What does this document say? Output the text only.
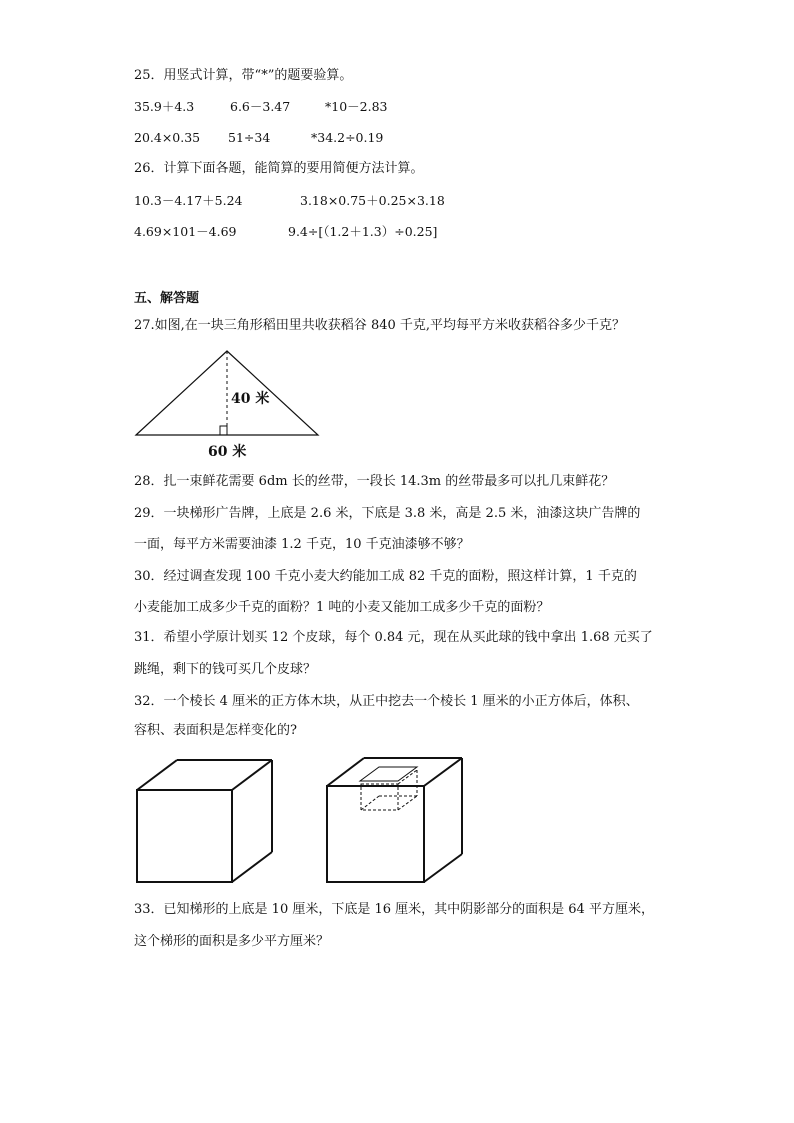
25．用竖式计算，带“*”的题要验算。
35.9＋4.3	6.6－3.47	*10－2.83
20.4×0.35 51÷34	*34.2÷0.19
26．计算下面各题，能简算的要用简便方法计算。
10.3－4.17＋5.24	3.18×0.75＋0.25×3.18
4.69×101－4.69	9.4÷[（1.2＋1.3）÷0.25]
五、解答题
27.如图,在一块三角形稻田里共收获稻谷 840 千克,平均每平方米收获稻谷多少千克？
40 米
60 米
28．扎一束鲜花需要 6dm 长的丝带，一段长 14.3m 的丝带最多可以扎几束鲜花？
29．一块梯形广告牌，上底是 2.6 米，下底是 3.8 米，高是 2.5 米，油漆这块广告牌的
一面，每平方米需要油漆 1.2 千克，10 千克油漆够不够？
30．经过调查发现 100 千克小麦大约能加工成 82 千克的面粉，照这样计算，1 千克的
小麦能加工成多少千克的面粉？1 吨的小麦又能加工成多少千克的面粉？
31．希望小学原计划买 12 个皮球，每个 0.84 元，现在从买此球的钱中拿出 1.68 元买了
跳绳，剩下的钱可买几个皮球？
32．一个棱长 4 厘米的正方体木块，从正中挖去一个棱长 1 厘米的小正方体后，体积、
容积、表面积是怎样变化的?
33．已知梯形的上底是 10 厘米，下底是 16 厘米，其中阴影部分的面积是 64 平方厘米，
这个梯形的面积是多少平方厘米？
